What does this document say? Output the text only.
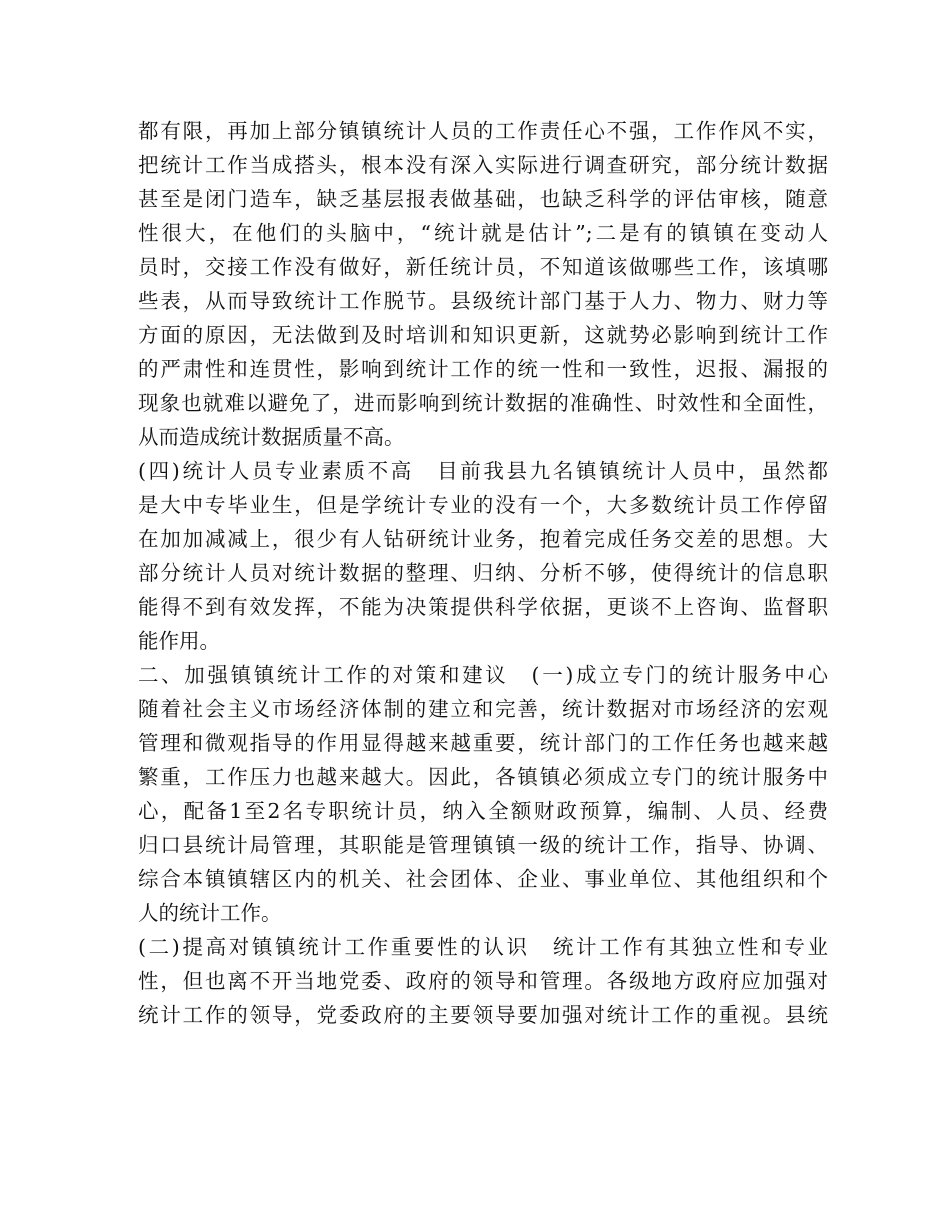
都有限，再加上部分镇镇统计人员的工作责任心不强，工作作风不实，
把统计工作当成搭头，根本没有深入实际进行调查研究，部分统计数据
甚至是闭门造车，缺乏基层报表做基础，也缺乏科学的评估审核，随意
性很大，在他们的头脑中，“统计就是估计”;二是有的镇镇在变动人
员时，交接工作没有做好，新任统计员，不知道该做哪些工作，该填哪
些表，从而导致统计工作脱节。县级统计部门基于人力、物力、财力等
方面的原因，无法做到及时培训和知识更新，这就势必影响到统计工作
的严肃性和连贯性，影响到统计工作的统一性和一致性，迟报、漏报的
现象也就难以避免了，进而影响到统计数据的准确性、时效性和全面性，
从而造成统计数据质量不高。
(四)统计人员专业素质不高　目前我县九名镇镇统计人员中，虽然都
是大中专毕业生，但是学统计专业的没有一个，大多数统计员工作停留
在加加减减上，很少有人钻研统计业务，抱着完成任务交差的思想。大
部分统计人员对统计数据的整理、归纳、分析不够，使得统计的信息职
能得不到有效发挥，不能为决策提供科学依据，更谈不上咨询、监督职
能作用。
二、加强镇镇统计工作的对策和建议　(一)成立专门的统计服务中心
随着社会主义市场经济体制的建立和完善，统计数据对市场经济的宏观
管理和微观指导的作用显得越来越重要，统计部门的工作任务也越来越
繁重，工作压力也越来越大。因此，各镇镇必须成立专门的统计服务中
心，配备1至2名专职统计员，纳入全额财政预算，编制、人员、经费
归口县统计局管理，其职能是管理镇镇一级的统计工作，指导、协调、
综合本镇镇辖区内的机关、社会团体、企业、事业单位、其他组织和个
人的统计工作。
(二)提高对镇镇统计工作重要性的认识　统计工作有其独立性和专业
性，但也离不开当地党委、政府的领导和管理。各级地方政府应加强对
统计工作的领导，党委政府的主要领导要加强对统计工作的重视。县统
